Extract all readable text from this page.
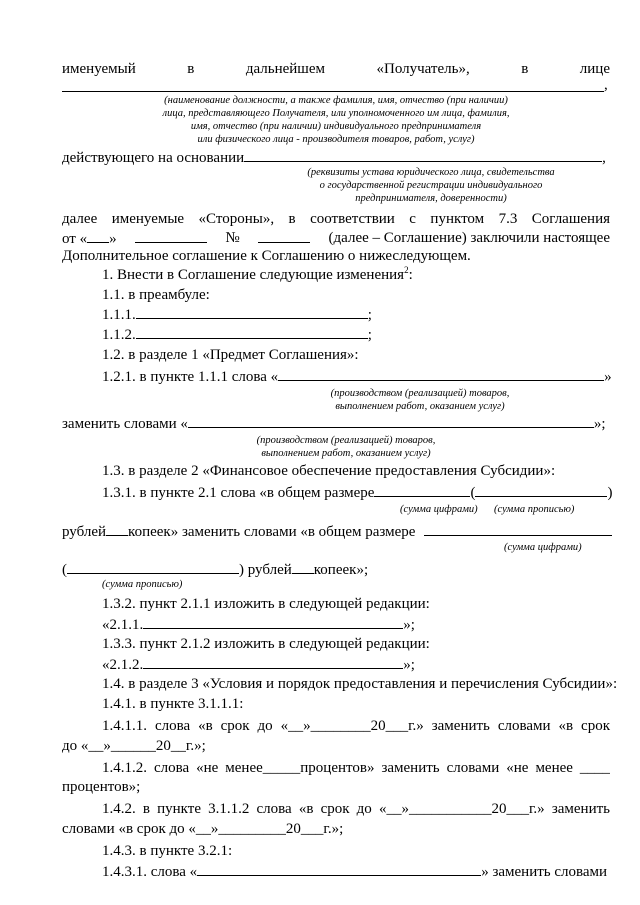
именуемый	в	дальнейшем	«Получатель»,	в	лице
,
(наименование должности, а также фамилия, имя, отчество (при наличии)
лица, представляющего Получателя, или уполномоченного им лица, фамилия,
имя, отчество (при наличии) индивидуального предпринимателя
или физического лица - производителя товаров, работ, услуг)
действующего на основании	,
(реквизиты устава юридического лица, свидетельства
о государственной регистрации индивидуального
предпринимателя, доверенности)
далее именуемые «Стороны», в соответствии с пунктом 7.3 Соглашения
от « »	№	(далее – Соглашение) заключили настоящее
Дополнительное соглашение к Соглашению о нижеследующем.
1. Внести в Соглашение следующие изменения$^2$:
1.1. в преамбуле:
1.1.1.	;
1.1.2.	;
1.2. в разделе 1 «Предмет Соглашения»:
1.2.1. в пункте 1.1.1 слова «	»
(производством (реализацией) товаров,
выполнением работ, оказанием услуг)
заменить словами «	»;
(производством (реализацией) товаров,
выполнением работ, оказанием услуг)
1.3. в разделе 2 «Финансовое обеспечение предоставления Субсидии»:
1.3.1. в пункте 2.1 слова «в общем размере	(	)
(сумма цифрами) (сумма прописью)
рублей копеек» заменить словами «в общем размере
(сумма цифрами)
(	) рублей копеек»;
(сумма прописью)
1.3.2. пункт 2.1.1 изложить в следующей редакции:
«2.1.1.	»;
1.3.3. пункт 2.1.2 изложить в следующей редакции:
«2.1.2.	»;
1.4. в разделе 3 «Условия и порядок предоставления и перечисления Субсидии»:
1.4.1. в пункте 3.1.1.1:
1.4.1.1. слова «в срок до «__»________20___г.» заменить словами «в срок
до «__»______20__г.»;
1.4.1.2. слова «не менее_____процентов» заменить словами «не менее ____
процентов»;
1.4.2. в пункте 3.1.1.2 слова «в срок до «__»___________20___г.» заменить
словами «в срок до «__»_________20___г.»;
1.4.3. в пункте 3.2.1:
1.4.3.1. слова «	» заменить словами
